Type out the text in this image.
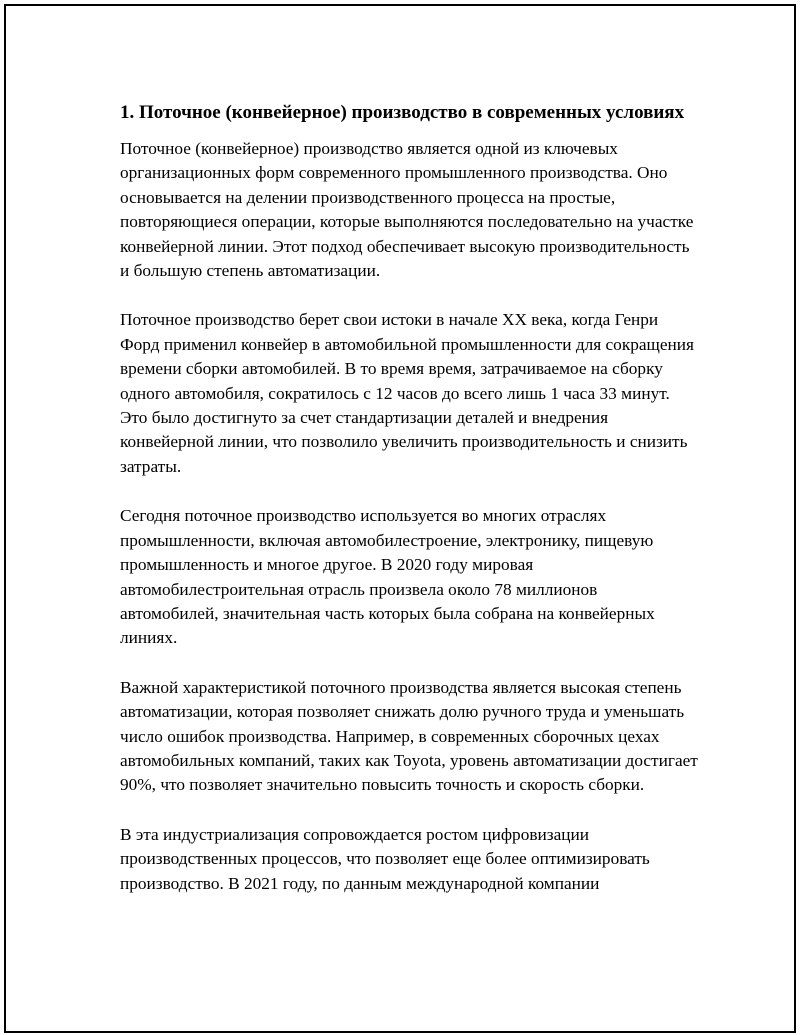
1. Поточное (конвейерное) производство в современных условиях

Поточное (конвейерное) производство является одной из ключевых организационных форм современного промышленного производства. Оно основывается на делении производственного процесса на простые, повторяющиеся операции, которые выполняются последовательно на участке конвейерной линии. Этот подход обеспечивает высокую производительность и большую степень автоматизации.

Поточное производство берет свои истоки в начале XX века, когда Генри Форд применил конвейер в автомобильной промышленности для сокращения времени сборки автомобилей. В то время время, затрачиваемое на сборку одного автомобиля, сократилось с 12 часов до всего лишь 1 часа 33 минут. Это было достигнуто за счет стандартизации деталей и внедрения конвейерной линии, что позволило увеличить производительность и снизить затраты.

Сегодня поточное производство используется во многих отраслях промышленности, включая автомобилестроение, электронику, пищевую промышленность и многое другое. В 2020 году мировая автомобилестроительная отрасль произвела около 78 миллионов автомобилей, значительная часть которых была собрана на конвейерных линиях.

Важной характеристикой поточного производства является высокая степень автоматизации, которая позволяет снижать долю ручного труда и уменьшать число ошибок производства. Например, в современных сборочных цехах автомобильных компаний, таких как Toyota, уровень автоматизации достигает 90%, что позволяет значительно повысить точность и скорость сборки.

В эта индустриализация сопровождается ростом цифровизации производственных процессов, что позволяет еще более оптимизировать производство. В 2021 году, по данным международной компании
